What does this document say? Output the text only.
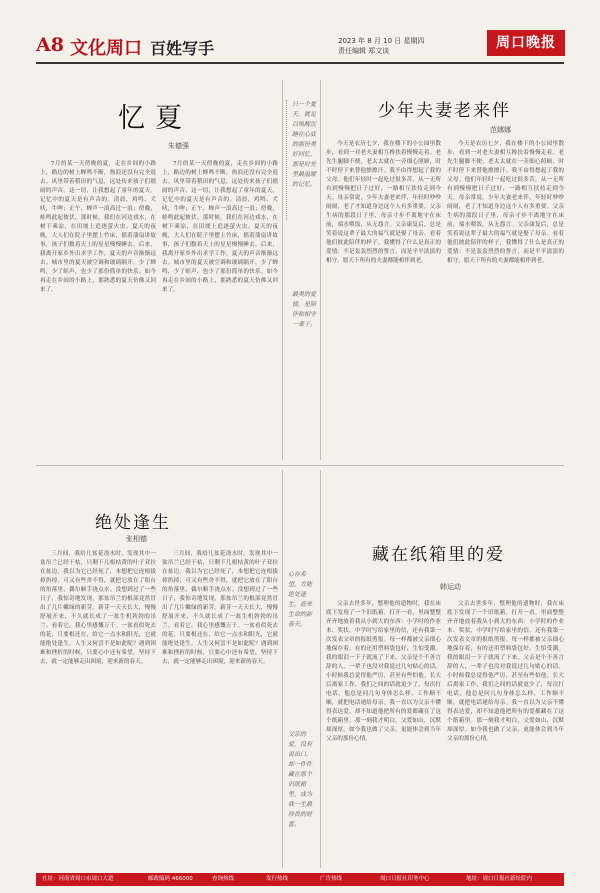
A8 文化周口 百姓写手	2023 年 8 月 10 日 星期四
责任编辑 郑文谈	周口晚报
忆夏
朱德强

7月的某一天傍晚的夏，走在乡间的小路上，路边的树上蝉鸣不断，热浪还没有完全退去。风里带着稻田的气息，远处传来孩子们嬉闹的声音。这一切，让我想起了童年的夏天。记忆中的夏天是有声音的。清晨，鸡鸣、犬吠，牛哞；正午，蝉声一浪高过一浪；傍晚，蛙鸣此起彼伏。那时候，我们在河边戏水，在树下乘凉，在田埂上追逐萤火虫。夏天的夜晚，大人们在院子里摆上竹床，摇着蒲扇讲故事，孩子们数着天上的星星慢慢睡去。后来，我离开家乡外出求学工作，夏天的声音渐渐远去。城市里的夏天被空调和玻璃隔开，少了蝉鸣，少了蛙声，也少了那份简单的快乐。如今再走在乡间的小路上，那熟悉的夏天仿佛又回来了。

7月的某一天傍晚的夏，走在乡间的小路上，路边的树上蝉鸣不断，热浪还没有完全退去。风里带着稻田的气息，远处传来孩子们嬉闹的声音。这一切，让我想起了童年的夏天。记忆中的夏天是有声音的。清晨，鸡鸣、犬吠，牛哞；正午，蝉声一浪高过一浪；傍晚，蛙鸣此起彼伏。那时候，我们在河边戏水，在树下乘凉，在田埂上追逐萤火虫。夏天的夜晚，大人们在院子里摆上竹床，摇着蒲扇讲故事，孩子们数着天上的星星慢慢睡去。后来，我离开家乡外出求学工作，夏天的声音渐渐远去。城市里的夏天被空调和玻璃隔开，少了蝉鸣，少了蛙声，也少了那份简单的快乐。如今再走在乡间的小路上，那熟悉的夏天仿佛又回来了。

只一个夏天，就足以唤醒沉睡在心底的那份美好回忆，那是时光里最温暖的记忆。
最美的爱情，是陪伴和相守一辈子。
少年夫妻老来伴
范娜娜

今天是农历七夕，我在楼下的小公园里散步，看到一对老夫妻相互搀扶着慢慢走着。老先生腿脚不便，老太太就在一旁细心照顾，时不时停下来替他擦擦汗。我不由得想起了我的父母。他们年轻时一起吃过很多苦，从一无所有到慢慢把日子过好，一路相互扶持走到今天。母亲常说，少年夫妻老来伴，年轻时吵吵闹闹，老了才知道身边这个人有多重要。父亲生病的那段日子里，母亲寸步不离地守在床前，端水喂饭，从无怨言。父亲康复后，总是笑着说这辈子最大的福气就是娶了母亲。看着他们彼此陪伴的样子，我懂得了什么是真正的爱情：不是轰轰烈烈的誓言，而是平平淡淡的相守。愿天下所有的夫妻都能相伴到老。

今天是农历七夕，我在楼下的小公园里散步，看到一对老夫妻相互搀扶着慢慢走着。老先生腿脚不便，老太太就在一旁细心照顾，时不时停下来替他擦擦汗。我不由得想起了我的父母。他们年轻时一起吃过很多苦，从一无所有到慢慢把日子过好，一路相互扶持走到今天。母亲常说，少年夫妻老来伴，年轻时吵吵闹闹，老了才知道身边这个人有多重要。父亲生病的那段日子里，母亲寸步不离地守在床前，端水喂饭，从无怨言。父亲康复后，总是笑着说这辈子最大的福气就是娶了母亲。看着他们彼此陪伴的样子，我懂得了什么是真正的爱情：不是轰轰烈烈的誓言，而是平平淡淡的相守。愿天下所有的夫妻都能相伴到老。

绝处逢生
张相德

三月间，我给几盆花浇水时，发现其中一盆吊兰已经干枯，只剩下几根枯黄的叶子耷拉在盆边。我以为它已经死了，本想把它连根拔掉扔掉，可又有些舍不得，就把它放在了阳台的角落里，偶尔顺手浇点水。没想到过了一些日子，我惊奇地发现，那盆吊兰的根部竟然冒出了几片嫩绿的新芽。新芽一天天长大，慢慢舒展开来，不久就长成了一盆生机勃勃的吊兰。看着它，我心里感慨万千。一盆看似死去的花，只要根还在，给它一点水和阳光，它就能绝处逢生。人生又何尝不是如此呢？遇到困难和挫折的时候，只要心中还有希望，坚持下去，就一定能够走出困境，迎来新的春天。

三月间，我给几盆花浇水时，发现其中一盆吊兰已经干枯，只剩下几根枯黄的叶子耷拉在盆边。我以为它已经死了，本想把它连根拔掉扔掉，可又有些舍不得，就把它放在了阳台的角落里，偶尔顺手浇点水。没想到过了一些日子，我惊奇地发现，那盆吊兰的根部竟然冒出了几片嫩绿的新芽。新芽一天天长大，慢慢舒展开来，不久就长成了一盆生机勃勃的吊兰。看着它，我心里感慨万千。一盆看似死去的花，只要根还在，给它一点水和阳光，它就能绝处逢生。人生又何尝不是如此呢？遇到困难和挫折的时候，只要心中还有希望，坚持下去，就一定能够走出困境，迎来新的春天。

心存希望，方能绝处逢生，迎来生命的新春天。
父亲的爱，没有说出口，却一件件藏在那个旧纸箱里，成为我一生最珍贵的财富。
藏在纸箱里的爱
韩运动

父亲去世多年，整理他的遗物时，我在床底下发现了一个旧纸箱。打开一看，里面整整齐齐地放着我从小到大的东西：小学时的作业本、奖状，中学时写给家里的信，还有我第一次发表文章的报纸剪报。每一样都被父亲细心地保存着，有的还用塑料袋包好，生怕受潮。我的眼泪一下子就流了下来。父亲是个不善言辞的人，一辈子也没对我说过几句贴心的话。小时候我总觉得他严厉，甚至有些怕他。长大后离家工作，我们之间的话就更少了，每次打电话，他总是问几句身体怎么样、工作顺不顺，就把电话递给母亲。我一直以为父亲不懂得表达爱，却不知道他把所有的爱都藏在了这个纸箱里。那一刻我才明白，父爱如山，沉默却深厚。如今我也做了父亲，更能体会到当年父亲的那份心情。

父亲去世多年，整理他的遗物时，我在床底下发现了一个旧纸箱。打开一看，里面整整齐齐地放着我从小到大的东西：小学时的作业本、奖状，中学时写给家里的信，还有我第一次发表文章的报纸剪报。每一样都被父亲细心地保存着，有的还用塑料袋包好，生怕受潮。我的眼泪一下子就流了下来。父亲是个不善言辞的人，一辈子也没对我说过几句贴心的话。小时候我总觉得他严厉，甚至有些怕他。长大后离家工作，我们之间的话就更少了，每次打电话，他总是问几句身体怎么样、工作顺不顺，就把电话递给母亲。我一直以为父亲不懂得表达爱，却不知道他把所有的爱都藏在了这个纸箱里。那一刻我才明白，父爱如山，沉默却深厚。如今我也做了父亲，更能体会到当年父亲的那份心情。

社址：河南省周口市周口大道	邮政编码 466000	查询热线	发行热线	广告热线	周口日报社印务中心	地址：周口日报社新址院内
